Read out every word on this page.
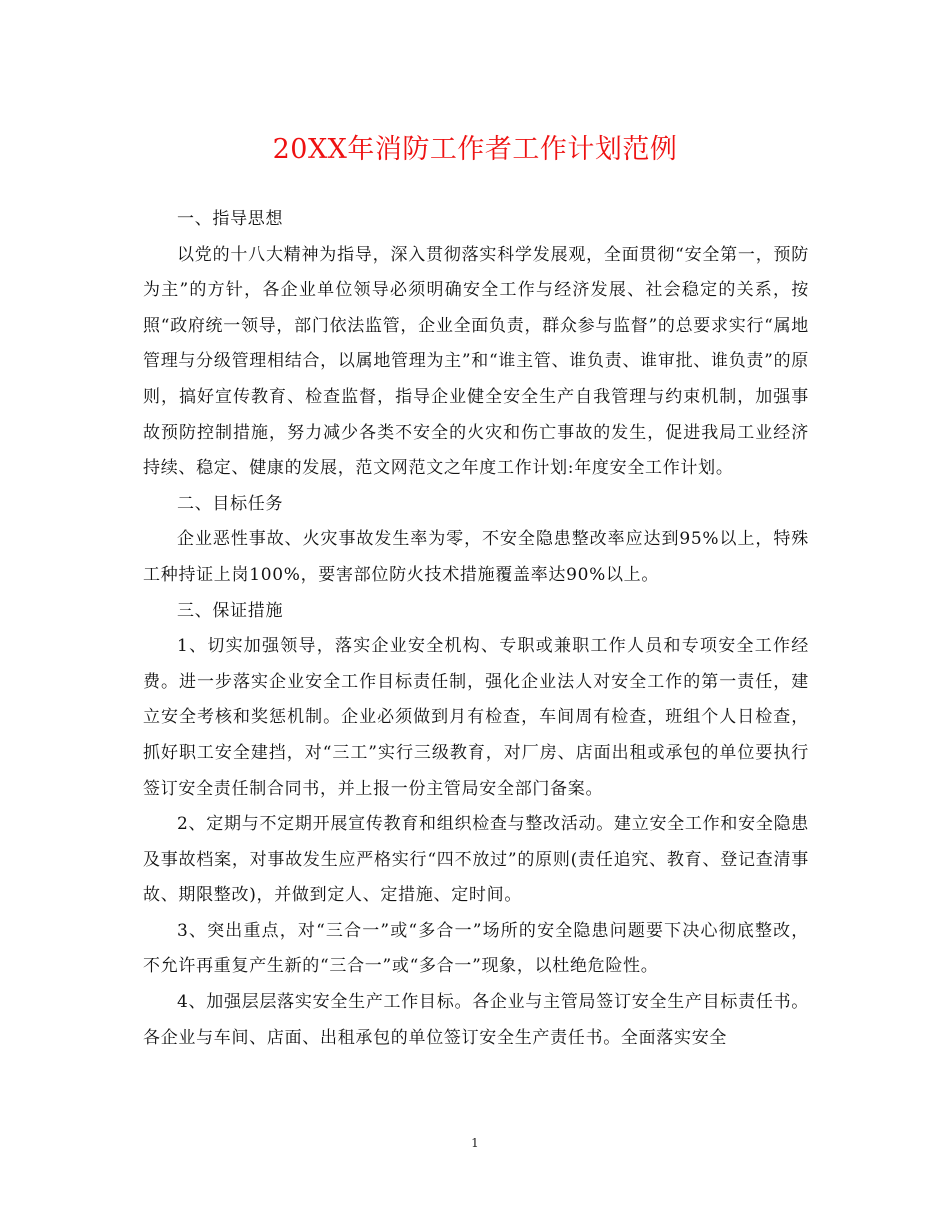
20XX年消防工作者工作计划范例

一、指导思想

以党的十八大精神为指导，深入贯彻落实科学发展观，全面贯彻“安全第一，预防为主”的方针，各企业单位领导必须明确安全工作与经济发展、社会稳定的关系，按照“政府统一领导，部门依法监管，企业全面负责，群众参与监督”的总要求实行“属地管理与分级管理相结合，以属地管理为主”和“谁主管、谁负责、谁审批、谁负责”的原则，搞好宣传教育、检查监督，指导企业健全安全生产自我管理与约束机制，加强事故预防控制措施，努力减少各类不安全的火灾和伤亡事故的发生，促进我局工业经济持续、稳定、健康的发展，范文网范文之年度工作计划:年度安全工作计划。

二、目标任务

企业恶性事故、火灾事故发生率为零，不安全隐患整改率应达到95%以上，特殊工种持证上岗100%，要害部位防火技术措施覆盖率达90%以上。

三、保证措施

1、切实加强领导，落实企业安全机构、专职或兼职工作人员和专项安全工作经费。进一步落实企业安全工作目标责任制，强化企业法人对安全工作的第一责任，建立安全考核和奖惩机制。企业必须做到月有检查，车间周有检查，班组个人日检查，抓好职工安全建挡，对“三工”实行三级教育，对厂房、店面出租或承包的单位要执行签订安全责任制合同书，并上报一份主管局安全部门备案。

2、定期与不定期开展宣传教育和组织检查与整改活动。建立安全工作和安全隐患及事故档案，对事故发生应严格实行“四不放过”的原则(责任追究、教育、登记查清事故、期限整改)，并做到定人、定措施、定时间。

3、突出重点，对“三合一”或“多合一”场所的安全隐患问题要下决心彻底整改，不允许再重复产生新的“三合一”或“多合一”现象，以杜绝危险性。

4、加强层层落实安全生产工作目标。各企业与主管局签订安全生产目标责任书。各企业与车间、店面、出租承包的单位签订安全生产责任书。全面落实安全

1
